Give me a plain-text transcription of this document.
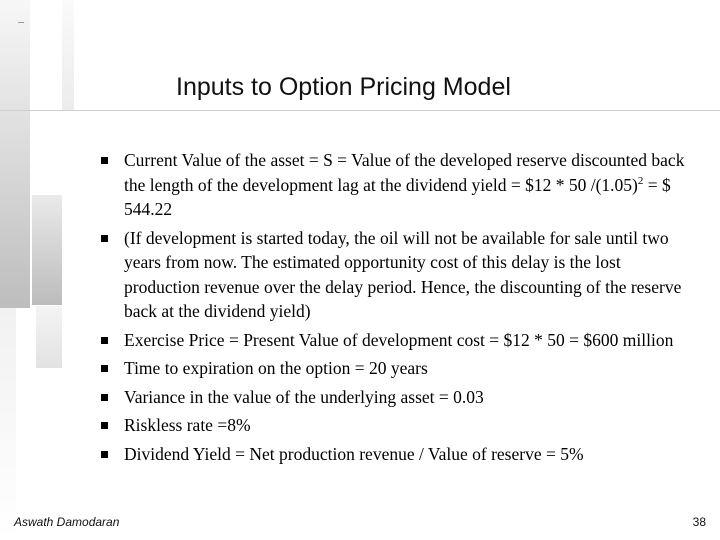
Inputs to Option Pricing Model
Current Value of the asset = S = Value of the developed reserve discounted back the length of the development lag at the dividend yield = $12 * 50 $/(1.05)^2$ = $ 544.22
(If development is started today, the oil will not be available for sale until two years from now. The estimated opportunity cost of this delay is the lost production revenue over the delay period. Hence, the discounting of the reserve back at the dividend yield)
Exercise Price = Present Value of development cost = $12 * 50 = $600 million
Time to expiration on the option = 20 years
Variance in the value of the underlying asset = 0.03
Riskless rate =8%
Dividend Yield = Net production revenue / Value of reserve = 5%
Aswath Damodaran	38
